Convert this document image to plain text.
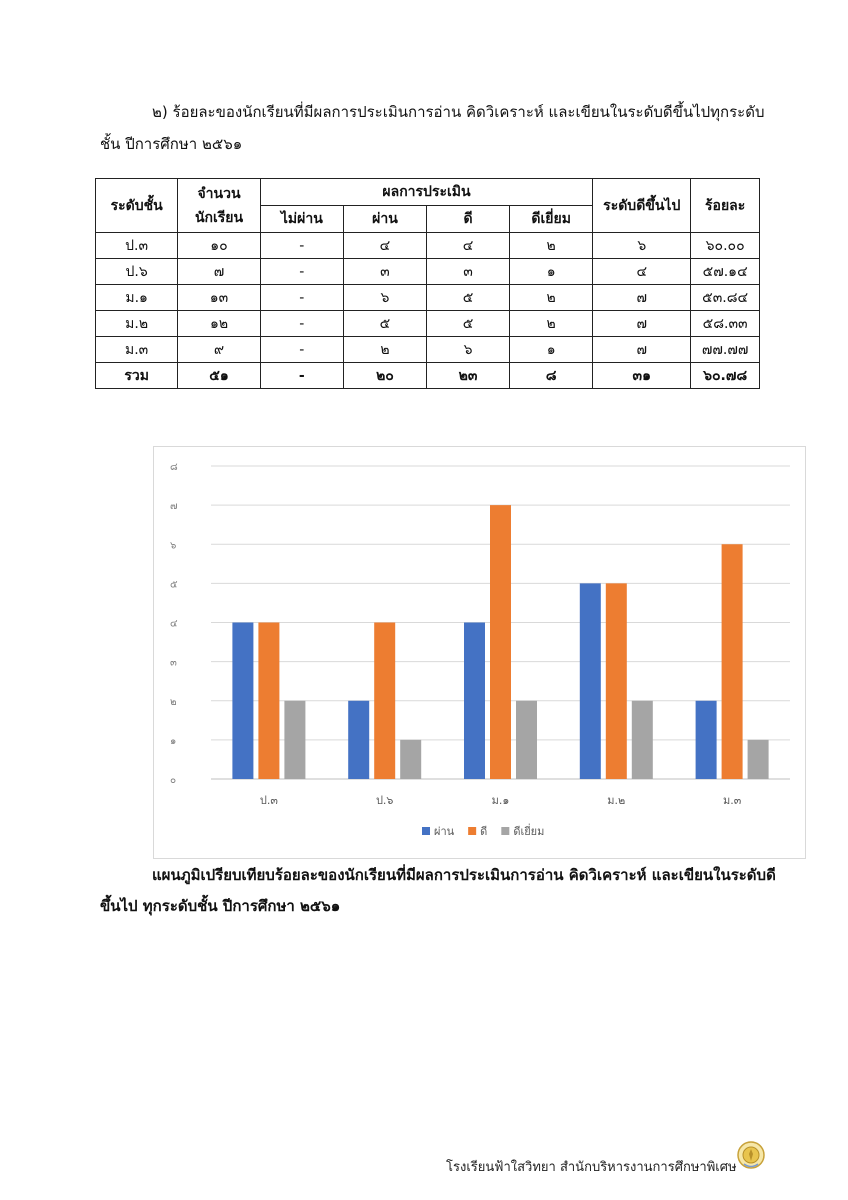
๒) ร้อยละของนักเรียนที่มีผลการประเมินการอ่าน คิดวิเคราะห์ และเขียนในระดับดีขึ้นไปทุกระดับชั้น ปีการศึกษา ๒๕๖๑
ระดับชั้น	จำนวนนักเรียน	ผลการประเมิน				ระดับดีขึ้นไป	ร้อยละ
		ไม่ผ่าน	ผ่าน	ดี	ดีเยี่ยม		
ป.๓	๑๐	-	๔	๔	๒	๖	๖๐.๐๐
ป.๖	๗	-	๓	๓	๑	๔	๕๗.๑๔
ม.๑	๑๓	-	๖	๕	๒	๗	๕๓.๘๔
ม.๒	๑๒	-	๕	๕	๒	๗	๕๘.๓๓
ม.๓	๙	-	๒	๖	๑	๗	๗๗.๗๗
รวม	๕๑	-	๒๐	๒๓	๘	๓๑	๖๐.๗๘
๐
๑
๒
๓
๔
๕
๖
๗
๘
ป.๓	ป.๖	ม.๑	ม.๒	ม.๓
ผ่าน ดี ดีเยี่ยม
แผนภูมิเปรียบเทียบร้อยละของนักเรียนที่มีผลการประเมินการอ่าน คิดวิเคราะห์ และเขียนในระดับดีขึ้นไป ทุกระดับชั้น ปีการศึกษา ๒๕๖๑
โรงเรียนฟ้าใสวิทยา สำนักบริหารงานการศึกษาพิเศษ
